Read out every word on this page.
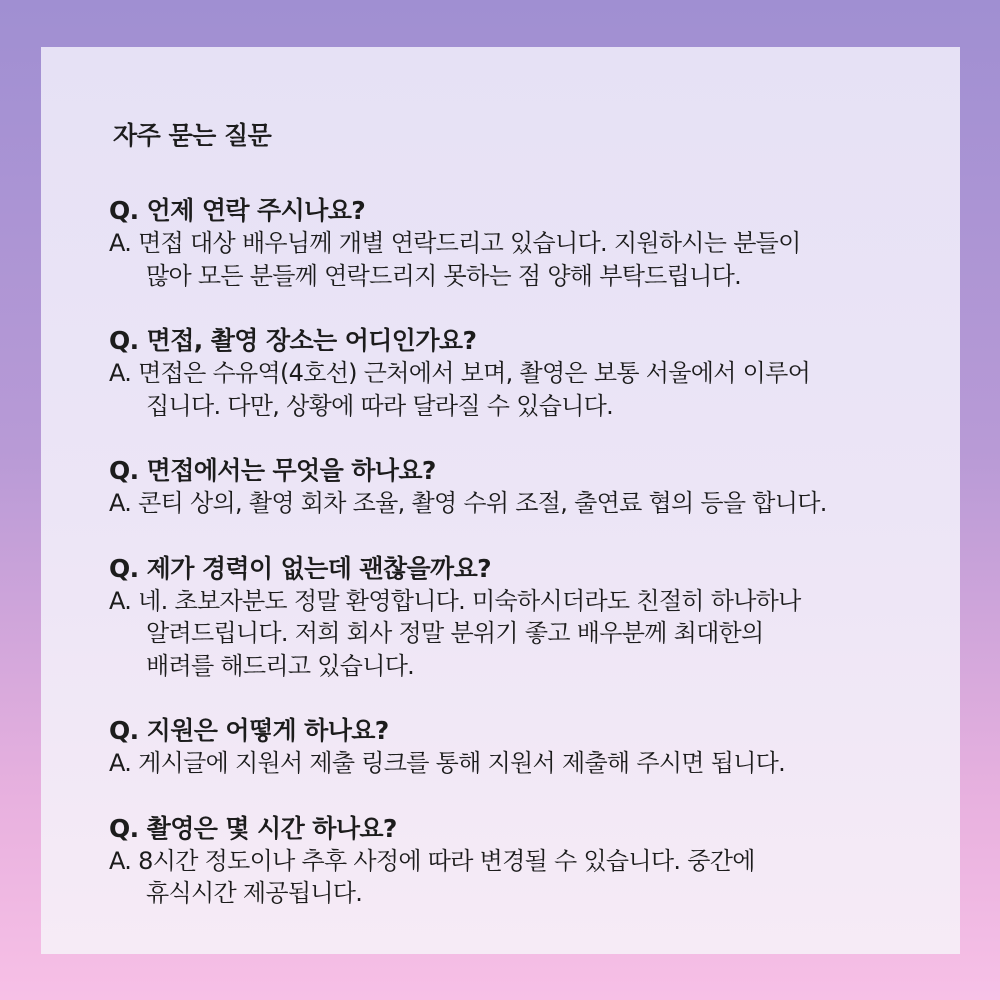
자주 묻는 질문
Q. 언제 연락 주시나요?
A. 면접 대상 배우님께 개별 연락드리고 있습니다. 지원하시는 분들이
많아 모든 분들께 연락드리지 못하는 점 양해 부탁드립니다.
Q. 면접, 촬영 장소는 어디인가요?
A. 면접은 수유역(4호선) 근처에서 보며, 촬영은 보통 서울에서 이루어
집니다. 다만, 상황에 따라 달라질 수 있습니다.
Q. 면접에서는 무엇을 하나요?
A. 콘티 상의, 촬영 회차 조율, 촬영 수위 조절, 출연료 협의 등을 합니다.
Q. 제가 경력이 없는데 괜찮을까요?
A. 네. 초보자분도 정말 환영합니다. 미숙하시더라도 친절히 하나하나
알려드립니다. 저희 회사 정말 분위기 좋고 배우분께 최대한의
배려를 해드리고 있습니다.
Q. 지원은 어떻게 하나요?
A. 게시글에 지원서 제출 링크를 통해 지원서 제출해 주시면 됩니다.
Q. 촬영은 몇 시간 하나요?
A. 8시간 정도이나 추후 사정에 따라 변경될 수 있습니다. 중간에
휴식시간 제공됩니다.
